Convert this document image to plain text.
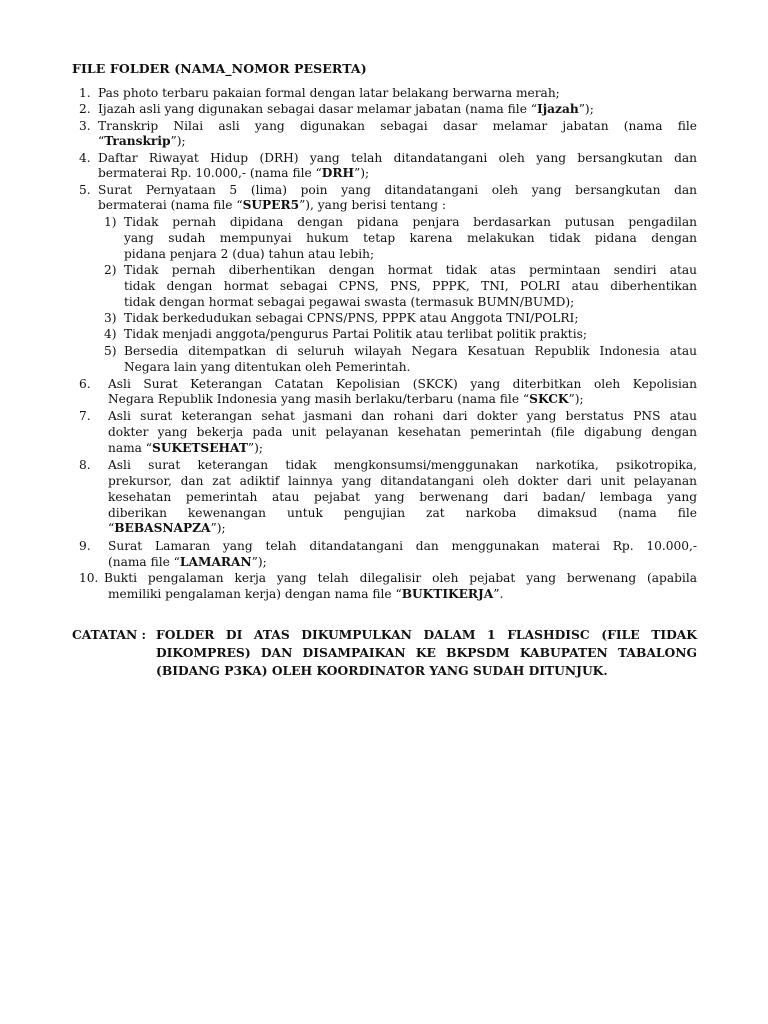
FILE FOLDER (NAMA_NOMOR PESERTA)
1. Pas photo terbaru pakaian formal dengan latar belakang berwarna merah;
2. Ijazah asli yang digunakan sebagai dasar melamar jabatan (nama file “Ijazah”);
3. Transkrip Nilai asli yang digunakan sebagai dasar melamar jabatan (nama file
“Transkrip”);
4. Daftar Riwayat Hidup (DRH) yang telah ditandatangani oleh yang bersangkutan dan
bermaterai Rp. 10.000,- (nama file “DRH”);
5. Surat Pernyataan 5 (lima) poin yang ditandatangani oleh yang bersangkutan dan
bermaterai (nama file “SUPER5”), yang berisi tentang :
1) Tidak pernah dipidana dengan pidana penjara berdasarkan putusan pengadilan
yang sudah mempunyai hukum tetap karena melakukan tidak pidana dengan
pidana penjara 2 (dua) tahun atau lebih;
2) Tidak pernah diberhentikan dengan hormat tidak atas permintaan sendiri atau
tidak dengan hormat sebagai CPNS, PNS, PPPK, TNI, POLRI atau diberhentikan
tidak dengan hormat sebagai pegawai swasta (termasuk BUMN/BUMD);
3) Tidak berkedudukan sebagai CPNS/PNS, PPPK atau Anggota TNI/POLRI;
4) Tidak menjadi anggota/pengurus Partai Politik atau terlibat politik praktis;
5) Bersedia ditempatkan di seluruh wilayah Negara Kesatuan Republik Indonesia atau
Negara lain yang ditentukan oleh Pemerintah.
6. Asli Surat Keterangan Catatan Kepolisian (SKCK) yang diterbitkan oleh Kepolisian
Negara Republik Indonesia yang masih berlaku/terbaru (nama file “SKCK”);
7. Asli surat keterangan sehat jasmani dan rohani dari dokter yang berstatus PNS atau
dokter yang bekerja pada unit pelayanan kesehatan pemerintah (file digabung dengan
nama “SUKETSEHAT”);
8. Asli surat keterangan tidak mengkonsumsi/menggunakan narkotika, psikotropika,
prekursor, dan zat adiktif lainnya yang ditandatangani oleh dokter dari unit pelayanan
kesehatan pemerintah atau pejabat yang berwenang dari badan/ lembaga yang
diberikan kewenangan untuk pengujian zat narkoba dimaksud (nama file
“BEBASNAPZA”);
9. Surat Lamaran yang telah ditandatangani dan menggunakan materai Rp. 10.000,-
(nama file “LAMARAN”);
10. Bukti pengalaman kerja yang telah dilegalisir oleh pejabat yang berwenang (apabila
memiliki pengalaman kerja) dengan nama file “BUKTIKERJA”.
CATATAN : FOLDER DI ATAS DIKUMPULKAN DALAM 1 FLASHDISC (FILE TIDAK
DIKOMPRES) DAN DISAMPAIKAN KE BKPSDM KABUPATEN TABALONG
(BIDANG P3KA) OLEH KOORDINATOR YANG SUDAH DITUNJUK.
